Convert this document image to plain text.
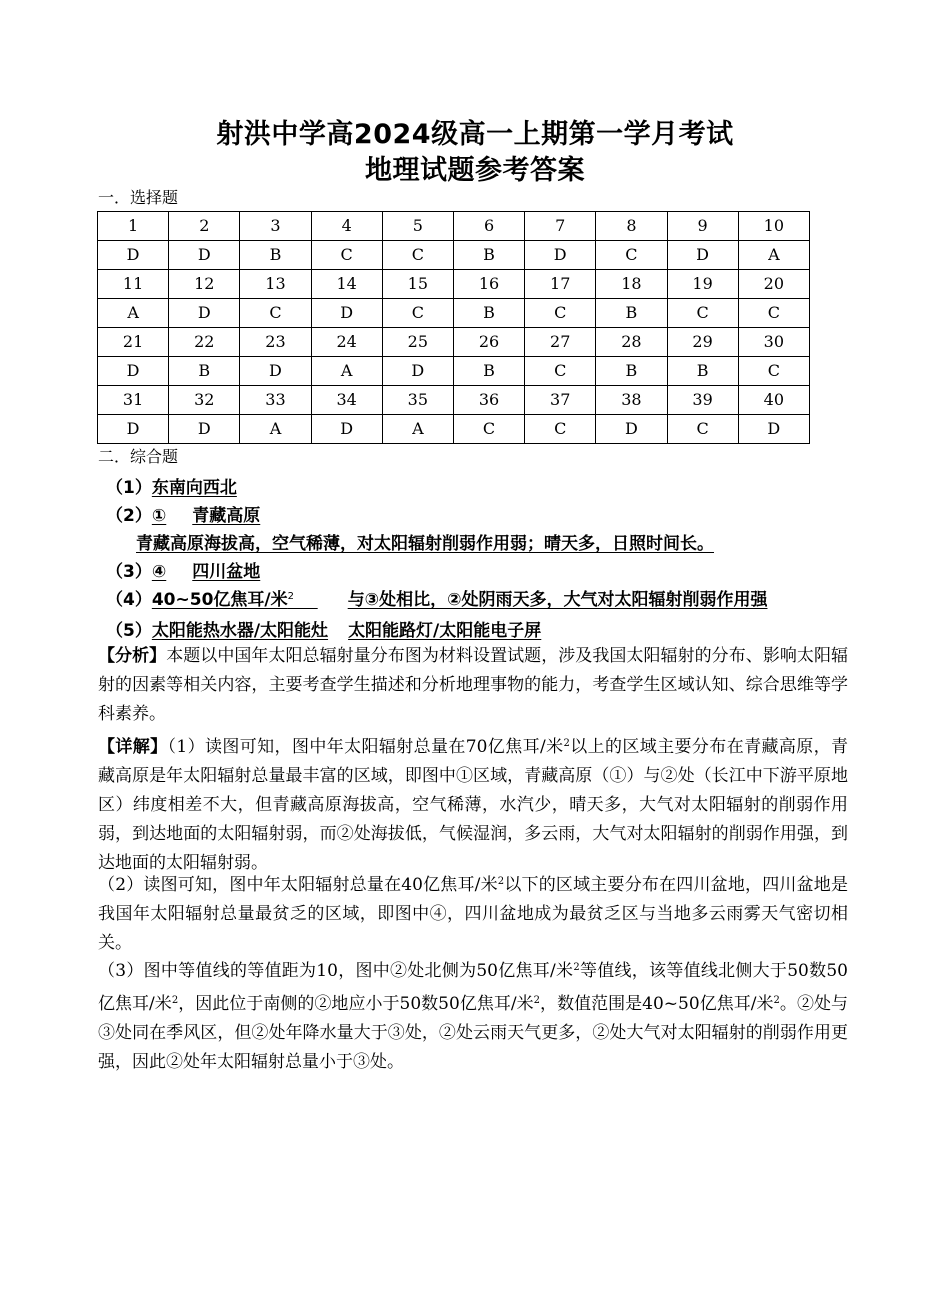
射洪中学高2024级高一上期第一学月考试
地理试题参考答案
一．选择题
1	2	3	4	5	6	7	8	9	10
D	D	B	C	C	B	D	C	D	A
11	12	13	14	15	16	17	18	19	20
A	D	C	D	C	B	C	B	C	C
21	22	23	24	25	26	27	28	29	30
D	B	D	A	D	B	C	B	B	C
31	32	33	34	35	36	37	38	39	40
D	D	A	D	A	C	C	D	C	D
二．综合题
（1）东南向西北
（2）① 青藏高原
青藏高原海拔高，空气稀薄，对太阳辐射削弱作用弱；晴天多，日照时间长。
（3）④ 四川盆地
（4）40~50亿焦耳/米$^2$	与③处相比，②处阴雨天多，大气对太阳辐射削弱作用强
（5）太阳能热水器/太阳能灶 太阳能路灯/太阳能电子屏
【分析】本题以中国年太阳总辐射量分布图为材料设置试题，涉及我国太阳辐射的分布、影响太阳辐射的因素等相关内容，主要考查学生描述和分析地理事物的能力，考查学生区域认知、综合思维等学科素养。
【详解】（1）读图可知，图中年太阳辐射总量在70亿焦耳/米$^2$以上的区域主要分布在青藏高原，青藏高原是年太阳辐射总量最丰富的区域，即图中①区域，青藏高原（①）与②处（长江中下游平原地区）纬度相差不大，但青藏高原海拔高，空气稀薄，水汽少，晴天多，大气对太阳辐射的削弱作用弱，到达地面的太阳辐射弱，而②处海拔低，气候湿润，多云雨，大气对太阳辐射的削弱作用强，到达地面的太阳辐射弱。
（2）读图可知，图中年太阳辐射总量在40亿焦耳/米$^2$以下的区域主要分布在四川盆地，四川盆地是我国年太阳辐射总量最贫乏的区域，即图中④，四川盆地成为最贫乏区与当地多云雨雾天气密切相关。
（3）图中等值线的等值距为10，图中②处北侧为50亿焦耳/米$^2$等值线，该等值线北侧大于50数50亿焦耳/米$^2$，因此位于南侧的②地应小于50数50亿焦耳/米$^2$，数值范围是40~50亿焦耳/米$^2$。②处与③处同在季风区，但②处年降水量大于③处，②处云雨天气更多，②处大气对太阳辐射的削弱作用更强，因此②处年太阳辐射总量小于③处。
